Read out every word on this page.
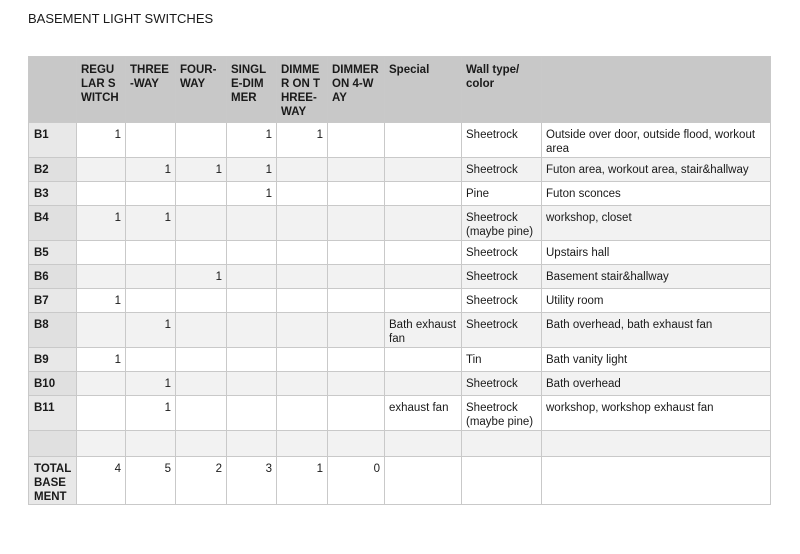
BASEMENT LIGHT SWITCHES
	REGULAR SWITCH	THREE-WAY	FOUR-WAY	SINGLE-DIMMER	DIMMER ON THREE-WAY	DIMMER ON 4-WAY	Special	Wall type/ color	
B1	1			1	1			Sheetrock	Outside over door, outside flood, workout area
B2		1	1	1				Sheetrock	Futon area, workout area, stair&hallway
B3				1				Pine	Futon sconces
B4	1	1						Sheetrock (maybe pine)	workshop, closet
B5								Sheetrock	Upstairs hall
B6			1					Sheetrock	Basement stair&hallway
B7	1							Sheetrock	Utility room
B8		1					Bath exhaust fan	Sheetrock	Bath overhead, bath exhaust fan
B9	1							Tin	Bath vanity light
B10		1						Sheetrock	Bath overhead
B11		1					exhaust fan	Sheetrock (maybe pine)	workshop, workshop exhaust fan

TOTAL BASEMENT	4	5	2	3	1	0			
